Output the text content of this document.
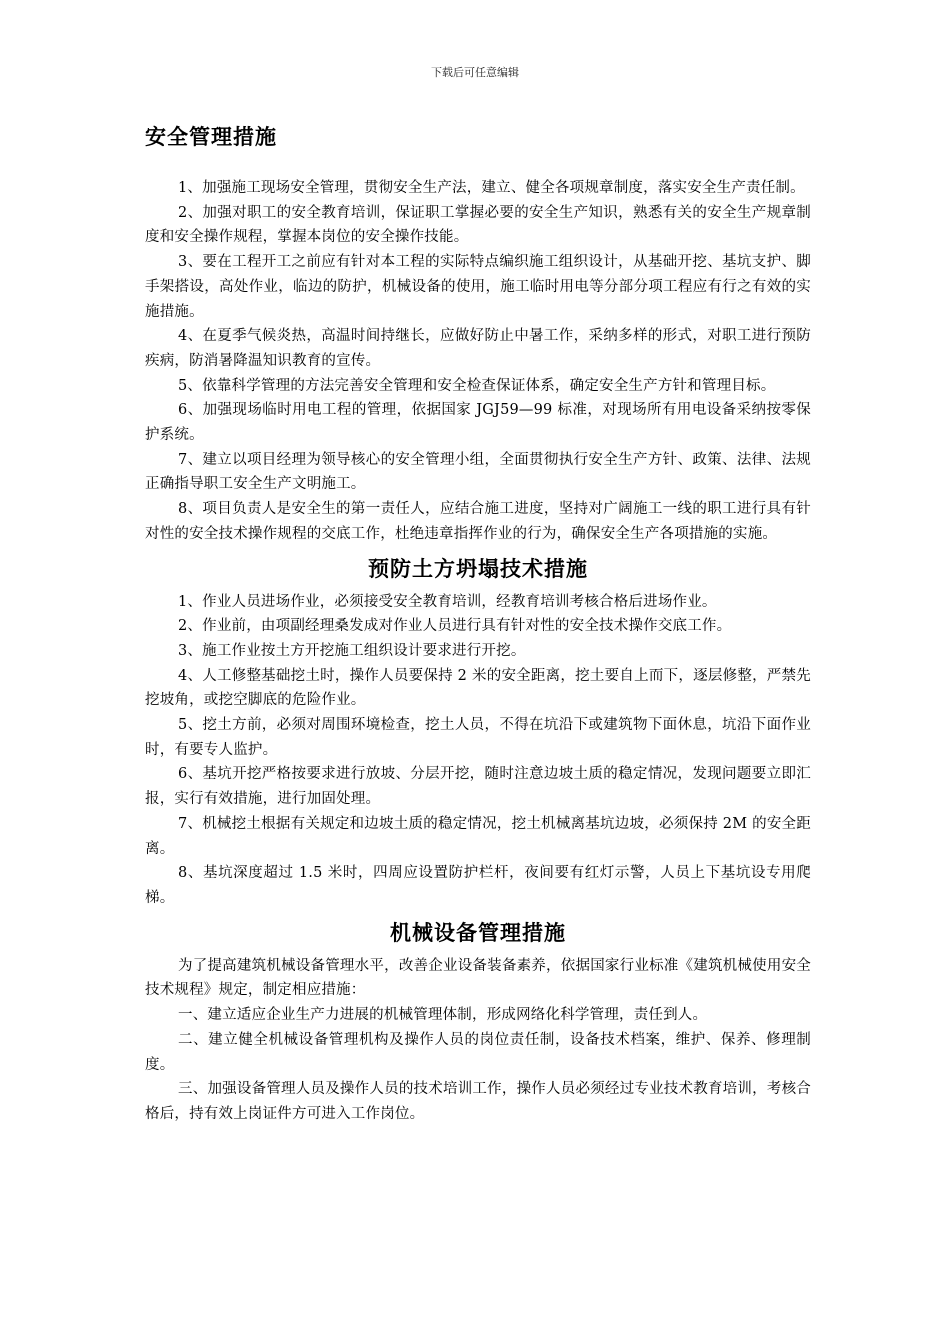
下载后可任意编辑
安全管理措施

1、加强施工现场安全管理，贯彻安全生产法，建立、健全各项规章制度，落实安全生产责任制。

2、加强对职工的安全教育培训，保证职工掌握必要的安全生产知识，熟悉有关的安全生产规章制度和安全操作规程，掌握本岗位的安全操作技能。

3、要在工程开工之前应有针对本工程的实际特点编织施工组织设计，从基础开挖、基坑支护、脚手架搭设，高处作业，临边的防护，机械设备的使用，施工临时用电等分部分项工程应有行之有效的实施措施。

4、在夏季气候炎热，高温时间持继长，应做好防止中暑工作，采纳多样的形式，对职工进行预防疾病，防消暑降温知识教育的宣传。

5、依靠科学管理的方法完善安全管理和安全检查保证体系，确定安全生产方针和管理目标。

6、加强现场临时用电工程的管理，依据国家 JGJ59—99 标准，对现场所有用电设备采纳按零保护系统。

7、建立以项目经理为领导核心的安全管理小组，全面贯彻执行安全生产方针、政策、法律、法规正确指导职工安全生产文明施工。

8、项目负责人是安全生的第一责任人，应结合施工进度，坚持对广阔施工一线的职工进行具有针对性的安全技术操作规程的交底工作，杜绝违章指挥作业的行为，确保安全生产各项措施的实施。

预防土方坍塌技术措施

1、作业人员进场作业，必须接受安全教育培训，经教育培训考核合格后进场作业。

2、作业前，由项副经理桑发成对作业人员进行具有针对性的安全技术操作交底工作。

3、施工作业按土方开挖施工组织设计要求进行开挖。

4、人工修整基础挖土时，操作人员要保持 2 米的安全距离，挖土要自上而下，逐层修整，严禁先挖坡角，或挖空脚底的危险作业。

5、挖土方前，必须对周围环境检查，挖土人员，不得在坑沿下或建筑物下面休息，坑沿下面作业时，有要专人监护。

6、基坑开挖严格按要求进行放坡、分层开挖，随时注意边坡土质的稳定情况，发现问题要立即汇报，实行有效措施，进行加固处理。

7、机械挖土根据有关规定和边坡土质的稳定情况，挖土机械离基坑边坡，必须保持 2M 的安全距离。

8、基坑深度超过 1.5 米时，四周应设置防护栏杆，夜间要有红灯示警，人员上下基坑设专用爬梯。

机械设备管理措施

为了提高建筑机械设备管理水平，改善企业设备装备素养，依据国家行业标准《建筑机械使用安全技术规程》规定，制定相应措施：

一、建立适应企业生产力进展的机械管理体制，形成网络化科学管理，责任到人。

二、建立健全机械设备管理机构及操作人员的岗位责任制，设备技术档案，维护、保养、修理制度。

三、加强设备管理人员及操作人员的技术培训工作，操作人员必须经过专业技术教育培训，考核合格后，持有效上岗证件方可进入工作岗位。
